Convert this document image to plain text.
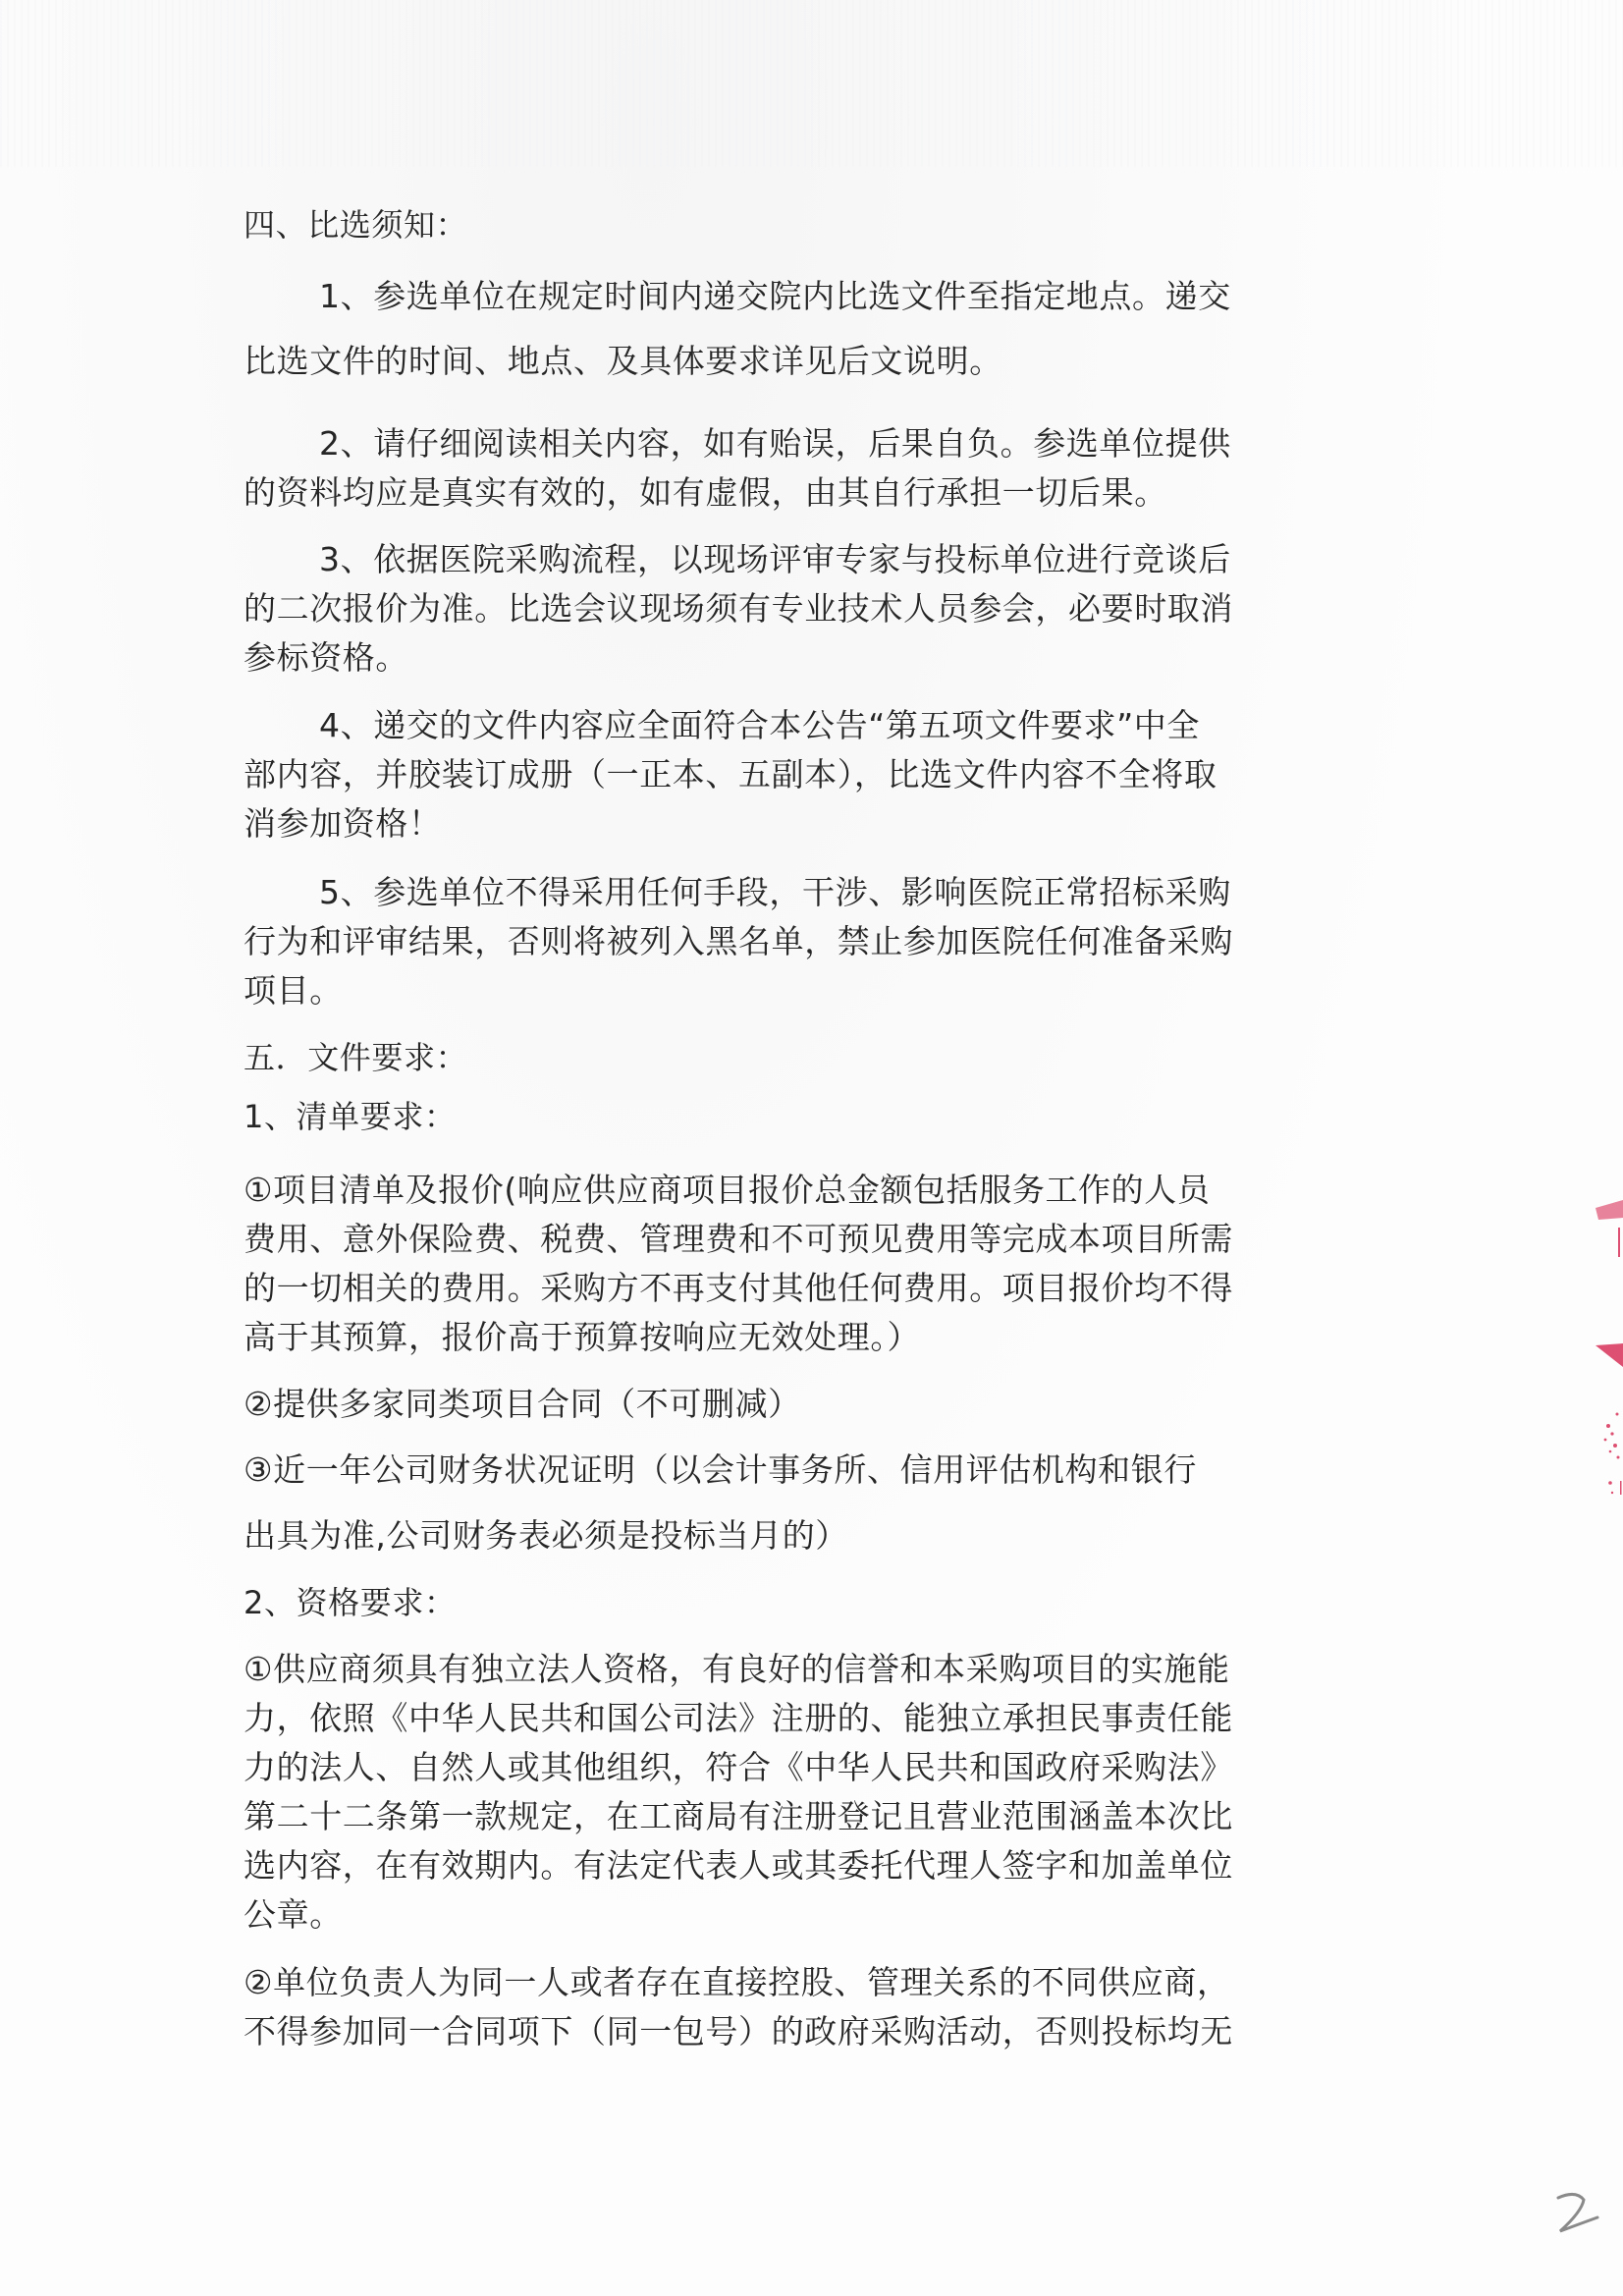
四、比选须知：
1、参选单位在规定时间内递交院内比选文件至指定地点。递交
比选文件的时间、地点、及具体要求详见后文说明。
2、请仔细阅读相关内容，如有贻误，后果自负。参选单位提供
的资料均应是真实有效的，如有虚假，由其自行承担一切后果。
3、依据医院采购流程，以现场评审专家与投标单位进行竞谈后
的二次报价为准。比选会议现场须有专业技术人员参会，必要时取消
参标资格。
4、递交的文件内容应全面符合本公告“第五项文件要求”中全
部内容，并胶装订成册（一正本、五副本），比选文件内容不全将取
消参加资格！
5、参选单位不得采用任何手段，干涉、影响医院正常招标采购
行为和评审结果，否则将被列入黑名单，禁止参加医院任何准备采购
项目。
五．文件要求：
1、清单要求：
①项目清单及报价(响应供应商项目报价总金额包括服务工作的人员
费用、意外保险费、税费、管理费和不可预见费用等完成本项目所需
的一切相关的费用。采购方不再支付其他任何费用。项目报价均不得
高于其预算，报价高于预算按响应无效处理。）
②提供多家同类项目合同（不可删减）
③近一年公司财务状况证明（以会计事务所、信用评估机构和银行
出具为准,公司财务表必须是投标当月的）
2、资格要求：
①供应商须具有独立法人资格，有良好的信誉和本采购项目的实施能
力，依照《中华人民共和国公司法》注册的、能独立承担民事责任能
力的法人、自然人或其他组织，符合《中华人民共和国政府采购法》
第二十二条第一款规定，在工商局有注册登记且营业范围涵盖本次比
选内容，在有效期内。有法定代表人或其委托代理人签字和加盖单位
公章。
②单位负责人为同一人或者存在直接控股、管理关系的不同供应商，
不得参加同一合同项下（同一包号）的政府采购活动，否则投标均无
